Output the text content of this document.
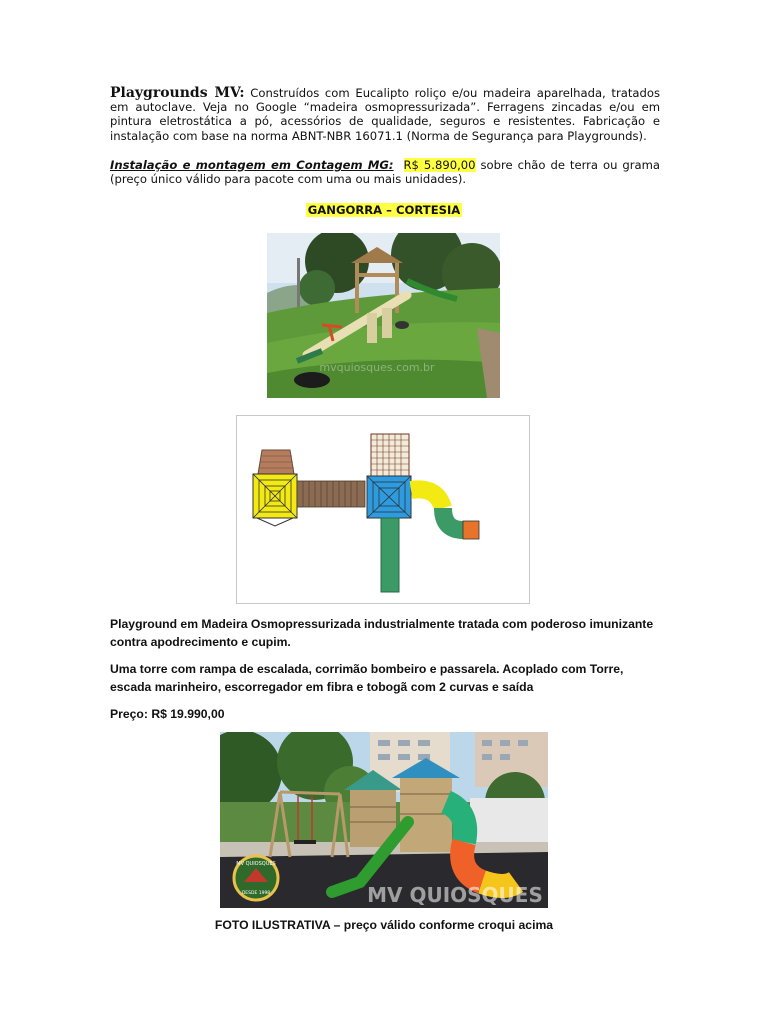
Playgrounds MV: Construídos com Eucalipto roliço e/ou madeira aparelhada, tratados em autoclave. Veja no Google “madeira osmopressurizada”. Ferragens zincadas e/ou em pintura eletrostática a pó, acessórios de qualidade, seguros e resistentes. Fabricação e instalação com base na norma ABNT-NBR 16071.1 (Norma de Segurança para Playgrounds).
Instalação e montagem em Contagem MG: R$ 5.890,00 sobre chão de terra ou grama (preço único válido para pacote com uma ou mais unidades).
GANGORRA – CORTESIA
mvquiosques.com.br
Playground em Madeira Osmopressurizada industrialmente tratada com poderoso imunizante contra apodrecimento e cupim.
Uma torre com rampa de escalada, corrimão bombeiro e passarela. Acoplado com Torre, escada marinheiro, escorregador em fibra e tobogã com 2 curvas e saída
Preço: R$ 19.990,00
MV QUIOSQUES
DESDE 1998	MV QUIOSQUES
FOTO ILUSTRATIVA – preço válido conforme croqui acima
